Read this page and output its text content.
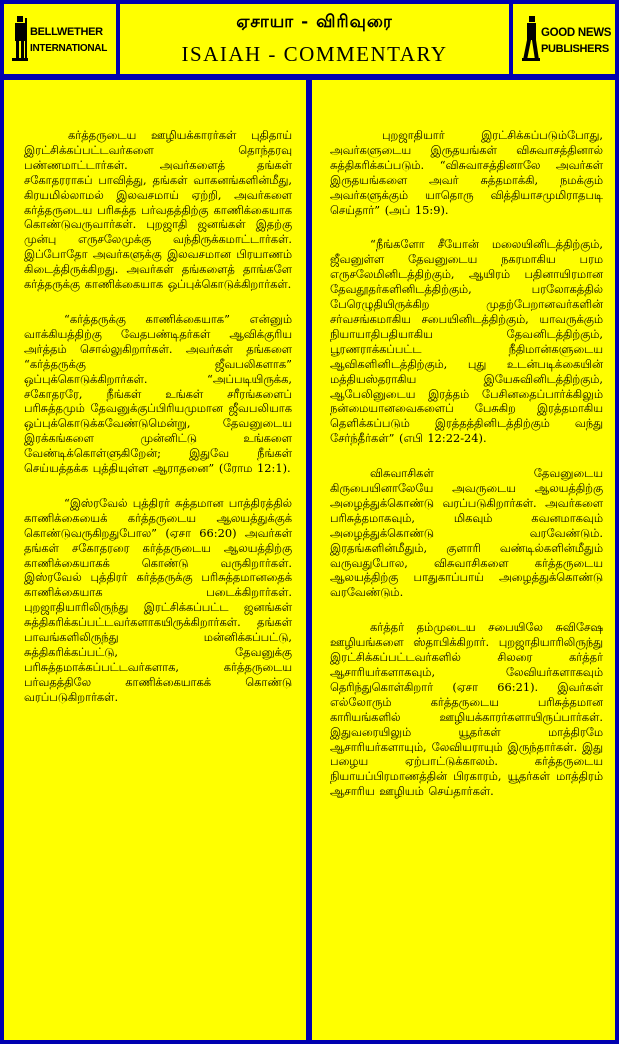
BELLWETHER
INTERNATIONAL
ஏசாயா - விரிவுரை
ISAIAH - COMMENTARY
GOOD NEWS
PUBLISHERS

கர்த்தருடைய ஊழியக்காரர்கள் புதிதாய் இரட்சிக்கப்பட்டவர்களை தொந்தரவு பண்ணமாட்டார்கள். அவர்களைத் தங்கள் சகோதரராகப் பாவித்து, தங்கள் வாகனங்களின்மீது, கிரயமில்லாமல் இலவசமாய் ஏற்றி, அவர்களை கர்த்தருடைய பரிசுத்த பர்வதத்திற்கு காணிக்கையாக கொண்டுவருவார்கள். புறஜாதி ஜனங்கள் இதற்கு முன்பு எருசலேமுக்கு வந்திருக்கமாட்டார்கள். இப்போதோ அவர்களுக்கு இலவசமான பிரயாணம் கிடைத்திருக்கிறது. அவர்கள் தங்களைத் தாங்களே கர்த்தருக்கு காணிக்கையாக ஒப்புக்கொடுக்கிறார்கள்.

“கர்த்தருக்கு காணிக்கையாக” என்னும் வாக்கியத்திற்கு வேதபண்டிதர்கள் ஆவிக்குரிய அர்த்தம் சொல்லுகிறார்கள். அவர்கள் தங்களை “கர்த்தருக்கு ஜீவபலிகளாக” ஒப்புக்கொடுக்கிறார்கள். “அப்படியிருக்க, சகோதரரே, நீங்கள் உங்கள் சரீரங்களைப் பரிசுத்தமும் தேவனுக்குப்பிரியமுமான ஜீவபலியாக ஒப்புக்கொடுக்கவேண்டுமென்று, தேவனுடைய இரக்கங்களை முன்னிட்டு உங்களை வேண்டிக்கொள்ளுகிறேன்; இதுவே நீங்கள் செய்யத்தக்க புத்தியுள்ள ஆராதனை” (ரோம 12:1).

“இஸ்ரவேல் புத்திரர் சுத்தமான பாத்திரத்தில் காணிக்கையைக் கர்த்தருடைய ஆலயத்துக்குக் கொண்டுவருகிறதுபோல” (ஏசா 66:20) அவர்கள் தங்கள் சகோதரரை கர்த்தருடைய ஆலயத்திற்கு காணிக்கையாகக் கொண்டு வருகிறார்கள். இஸ்ரவேல் புத்திரர் கர்த்தருக்கு பரிசுத்தமானதைக் காணிக்கையாக படைக்கிறார்கள். புறஜாதியாரிலிருந்து இரட்சிக்கப்பட்ட ஜனங்கள் சுத்திகரிக்கப்பட்டவர்களாகயிருக்கிறார்கள். தங்கள் பாவங்களிலிருந்து மன்னிக்கப்பட்டு, சுத்திகரிக்கப்பட்டு, தேவனுக்கு பரிசுத்தமாக்கப்பட்டவர்களாக, கர்த்தருடைய பர்வதத்திலே காணிக்கையாகக் கொண்டு வரப்படுகிறார்கள்.

புறஜாதியார் இரட்சிக்கப்படும்போது, அவர்களுடைய இருதயங்கள் விசுவாசத்தினால் சுத்திகரிக்கப்படும். “விசுவாசத்தினாலே அவர்கள் இருதயங்களை அவர் சுத்தமாக்கி, நமக்கும் அவர்களுக்கும் யாதொரு வித்தியாசமுமிராதபடி செய்தார்” (அப் 15:9).

“நீங்களோ சீயோன் மலையினிடத்திற்கும், ஜீவனுள்ள தேவனுடைய நகரமாகிய பரம எருசலேமினிடத்திற்கும், ஆயிரம் பதினாயிரமான தேவதூதர்களினிடத்திற்கும், பரலோகத்தில் பேரெழுதியிருக்கிற முதற்பேறானவர்களின் சர்வசங்கமாகிய சபையினிடத்திற்கும், யாவருக்கும் நியாயாதிபதியாகிய தேவனிடத்திற்கும், பூரணராக்கப்பட்ட நீதிமான்களுடைய ஆவிகளினிடத்திற்கும், புது உடன்படிக்கையின் மத்தியஸ்தராகிய இயேசுவினிடத்திற்கும், ஆபேலினுடைய இரத்தம் பேசினதைப்பார்க்கிலும் நன்மையானவைகளைப் பேசுகிற இரத்தமாகிய தெளிக்கப்படும் இரத்தத்தினிடத்திற்கும் வந்து சேர்ந்தீர்கள்” (எபி 12:22-24).

விசுவாசிகள் தேவனுடைய கிருபையினாலேயே அவருடைய ஆலயத்திற்கு அழைத்துக்கொண்டு வரப்படுகிறார்கள். அவர்களை பரிசுத்தமாகவும், மிகவும் கவனமாகவும் அழைத்துக்கொண்டு வரவேண்டும். இரதங்களின்மீதும், குளாரி வண்டில்களின்மீதும் வருவதுபோல, விசுவாசிகளை கர்த்தருடைய ஆலயத்திற்கு பாதுகாப்பாய் அழைத்துக்கொண்டு வரவேண்டும்.

கர்த்தர் தம்முடைய சபையிலே சுவிசேஷ ஊழியங்களை ஸ்தாபிக்கிறார். புறஜாதியாரிலிருந்து இரட்சிக்கப்பட்டவர்களில் சிலரை கர்த்தர் ஆசாரியர்களாகவும், லேவியர்களாகவும் தெரிந்துகொள்கிறார் (ஏசா 66:21). இவர்கள் எல்லோரும் கர்த்தருடைய பரிசுத்தமான காரியங்களில் ஊழியக்காரர்களாயிருப்பார்கள். இதுவரையிலும் யூதர்கள் மாத்திரமே ஆசாரியர்களாயும், லேவியராயும் இருந்தார்கள். இது பழைய ஏற்பாட்டுக்காலம். கர்த்தருடைய நியாயப்பிரமாணத்தின் பிரகாரம், யூதர்கள் மாத்திரம் ஆசாரிய ஊழியம் செய்தார்கள்.
